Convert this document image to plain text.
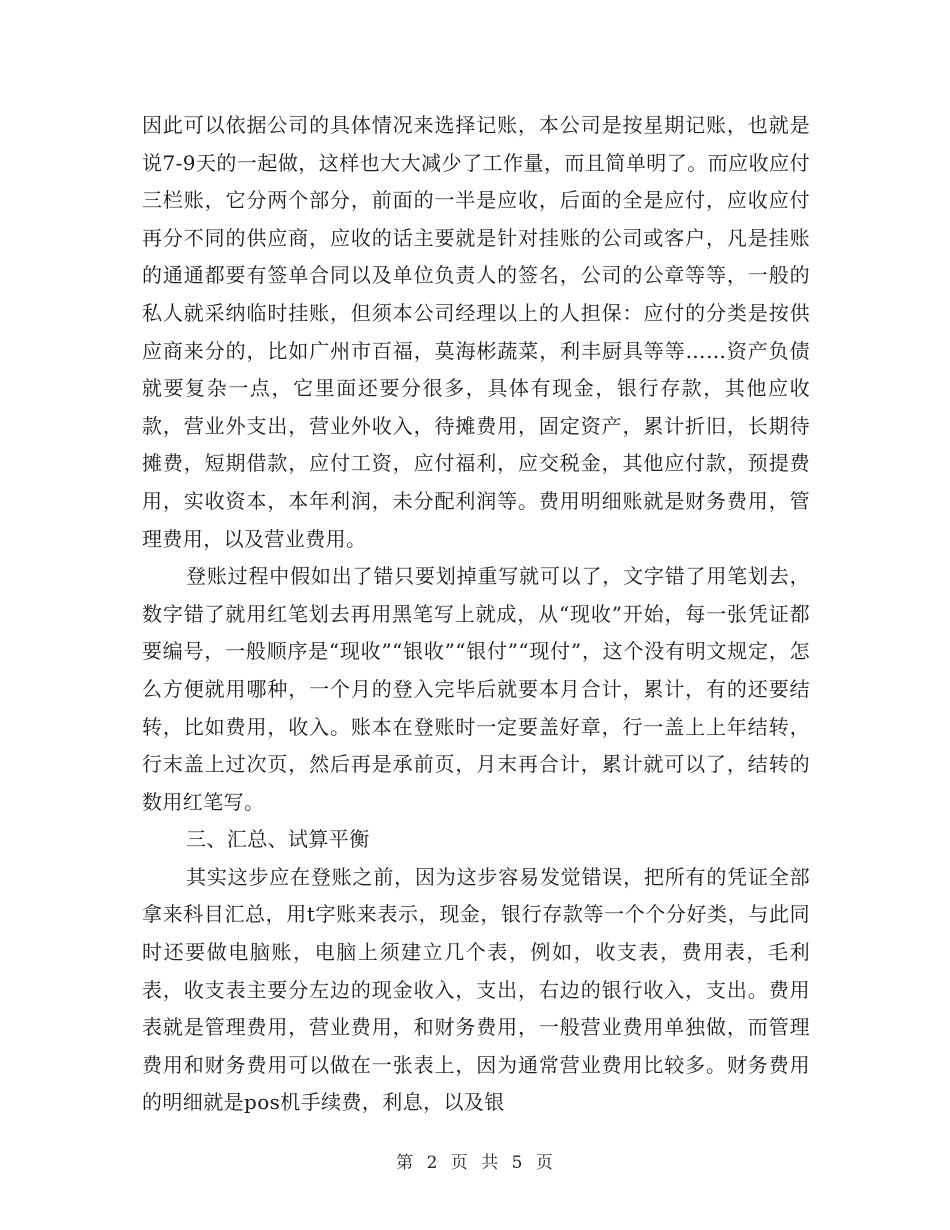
因此可以依据公司的具体情况来选择记账，本公司是按星期记账，也就是说7-9天的一起做，这样也大大减少了工作量，而且简单明了。而应收应付三栏账，它分两个部分，前面的一半是应收，后面的全是应付，应收应付再分不同的供应商，应收的话主要就是针对挂账的公司或客户，凡是挂账的通通都要有签单合同以及单位负责人的签名，公司的公章等等，一般的私人就采纳临时挂账，但须本公司经理以上的人担保：应付的分类是按供应商来分的，比如广州市百福，莫海彬蔬菜，利丰厨具等等……资产负债就要复杂一点，它里面还要分很多，具体有现金，银行存款，其他应收款，营业外支出，营业外收入，待摊费用，固定资产，累计折旧，长期待摊费，短期借款，应付工资，应付福利，应交税金，其他应付款，预提费用，实收资本，本年利润，未分配利润等。费用明细账就是财务费用，管理费用，以及营业费用。

登账过程中假如出了错只要划掉重写就可以了，文字错了用笔划去，数字错了就用红笔划去再用黑笔写上就成，从“现收”开始，每一张凭证都要编号，一般顺序是“现收”“银收”“银付”“现付”，这个没有明文规定，怎么方便就用哪种，一个月的登入完毕后就要本月合计，累计，有的还要结转，比如费用，收入。账本在登账时一定要盖好章，行一盖上上年结转，行末盖上过次页，然后再是承前页，月末再合计，累计就可以了，结转的数用红笔写。

三、汇总、试算平衡

其实这步应在登账之前，因为这步容易发觉错误，把所有的凭证全部拿来科目汇总，用t字账来表示，现金，银行存款等一个个分好类，与此同时还要做电脑账，电脑上须建立几个表，例如，收支表，费用表，毛利表，收支表主要分左边的现金收入，支出，右边的银行收入，支出。费用表就是管理费用，营业费用，和财务费用，一般营业费用单独做，而管理费用和财务费用可以做在一张表上，因为通常营业费用比较多。财务费用的明细就是pos机手续费，利息，以及银

第 2 页 共 5 页
